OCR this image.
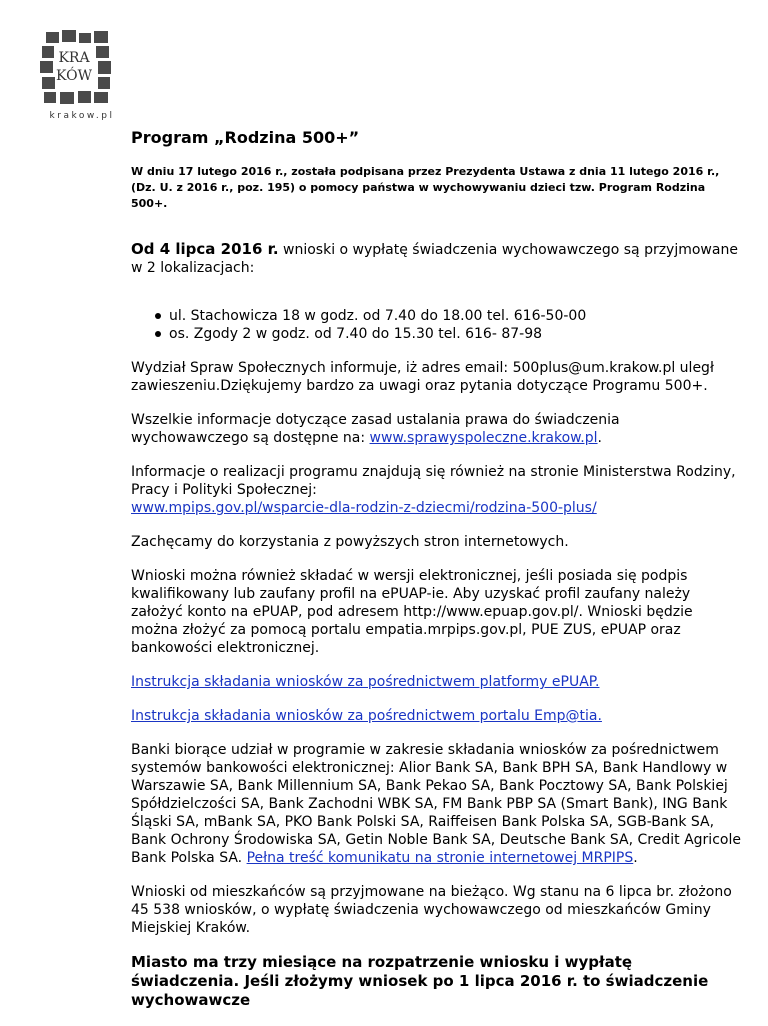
KRA
KÓW
krakow.pl
Program „Rodzina 500+”

W dniu 17 lutego 2016 r., została podpisana przez Prezydenta Ustawa z dnia 11 lutego 2016 r., (Dz. U. z 2016 r., poz. 195) o pomocy państwa w wychowywaniu dzieci tzw. Program Rodzina 500+.

Od 4 lipca 2016 r. wnioski o wypłatę świadczenia wychowawczego są przyjmowane w 2 lokalizacjach:

ul. Stachowicza 18 w godz. od 7.40 do 18.00 tel. 616-50-00
os. Zgody 2 w godz. od 7.40 do 15.30 tel. 616- 87-98

Wydział Spraw Społecznych informuje, iż adres email: 500plus@um.krakow.pl uległ zawieszeniu.Dziękujemy bardzo za uwagi oraz pytania dotyczące Programu 500+.

Wszelkie informacje dotyczące zasad ustalania prawa do świadczenia wychowawczego są dostępne na: www.sprawyspoleczne.krakow.pl.

Informacje o realizacji programu znajdują się również na stronie Ministerstwa Rodziny, Pracy i Polityki Społecznej:
www.mpips.gov.pl/wsparcie-dla-rodzin-z-dziecmi/rodzina-500-plus/

Zachęcamy do korzystania z powyższych stron internetowych.

Wnioski można również składać w wersji elektronicznej, jeśli posiada się podpis kwalifikowany lub zaufany profil na ePUAP-ie. Aby uzyskać profil zaufany należy założyć konto na ePUAP, pod adresem http://www.epuap.gov.pl/. Wnioski będzie można złożyć za pomocą portalu empatia.mrpips.gov.pl, PUE ZUS, ePUAP oraz bankowości elektronicznej.

Instrukcja składania wniosków za pośrednictwem platformy ePUAP.

Instrukcja składania wniosków za pośrednictwem portalu Emp@tia.

Banki biorące udział w programie w zakresie składania wniosków za pośrednictwem systemów bankowości elektronicznej: Alior Bank SA, Bank BPH SA, Bank Handlowy w Warszawie SA, Bank Millennium SA, Bank Pekao SA, Bank Pocztowy SA, Bank Polskiej Spółdzielczości SA, Bank Zachodni WBK SA, FM Bank PBP SA (Smart Bank), ING Bank Śląski SA, mBank SA, PKO Bank Polski SA, Raiffeisen Bank Polska SA, SGB-Bank SA, Bank Ochrony Środowiska SA, Getin Noble Bank SA, Deutsche Bank SA, Credit Agricole Bank Polska SA. Pełna treść komunikatu na stronie internetowej MRPIPS.

Wnioski od mieszkańców są przyjmowane na bieżąco. Wg stanu na 6 lipca br. złożono 45 538 wniosków, o wypłatę świadczenia wychowawczego od mieszkańców Gminy Miejskiej Kraków.

Miasto ma trzy miesiące na rozpatrzenie wniosku i wypłatę świadczenia. Jeśli złożymy wniosek po 1 lipca 2016 r. to świadczenie wychowawcze
